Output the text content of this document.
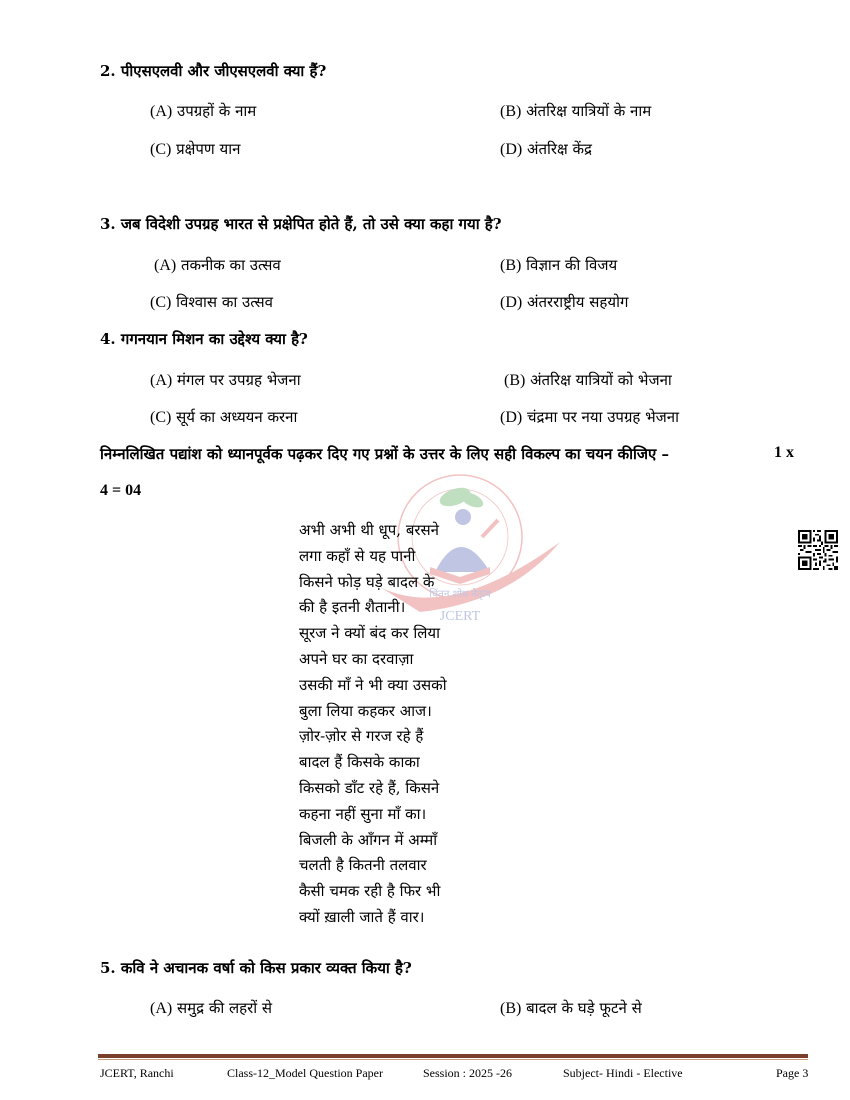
2. पीएसएलवी और जीएसएलवी क्या हैं?
(A) उपग्रहों के नाम	(B) अंतरिक्ष यात्रियों के नाम
(C) प्रक्षेपण यान	(D) अंतरिक्ष केंद्र
3. जब विदेशी उपग्रह भारत से प्रक्षेपित होते हैं, तो उसे क्या कहा गया है?
(A) तकनीक का उत्सव	(B) विज्ञान की विजय
(C) विश्वास का उत्सव	(D) अंतरराष्ट्रीय सहयोग
4. गगनयान मिशन का उद्देश्य क्या है?
(A) मंगल पर उपग्रह भेजना	(B) अंतरिक्ष यात्रियों को भेजना
(C) सूर्य का अध्ययन करना	(D) चंद्रमा पर नया उपग्रह भेजना
निम्नलिखित पद्यांश को ध्यानपूर्वक पढ़कर दिए गए प्रश्नों के उत्तर के लिए सही विकल्प का चयन कीजिए –	1 x
4 = 04
चिंतन शोध नेतृत्व
JCERT
अभी अभी थी धूप, बरसने
लगा कहाँ से यह पानी
किसने फोड़ घड़े बादल के
की है इतनी शैतानी।
सूरज ने क्यों बंद कर लिया
अपने घर का दरवाज़ा
उसकी माँ ने भी क्या उसको
बुला लिया कहकर आज।
ज़ोर-ज़ोर से गरज रहे हैं
बादल हैं किसके काका
किसको डाँट रहे हैं, किसने
कहना नहीं सुना माँ का।
बिजली के आँगन में अम्माँ
चलती है कितनी तलवार
कैसी चमक रही है फिर भी
क्यों ख़ाली जाते हैं वार।
5. कवि ने अचानक वर्षा को किस प्रकार व्यक्त किया है?
(A) समुद्र की लहरों से	(B) बादल के घड़े फूटने से
JCERT, Ranchi	Class-12_Model Question Paper	Session : 2025 -26	Subject- Hindi - Elective	Page 3
